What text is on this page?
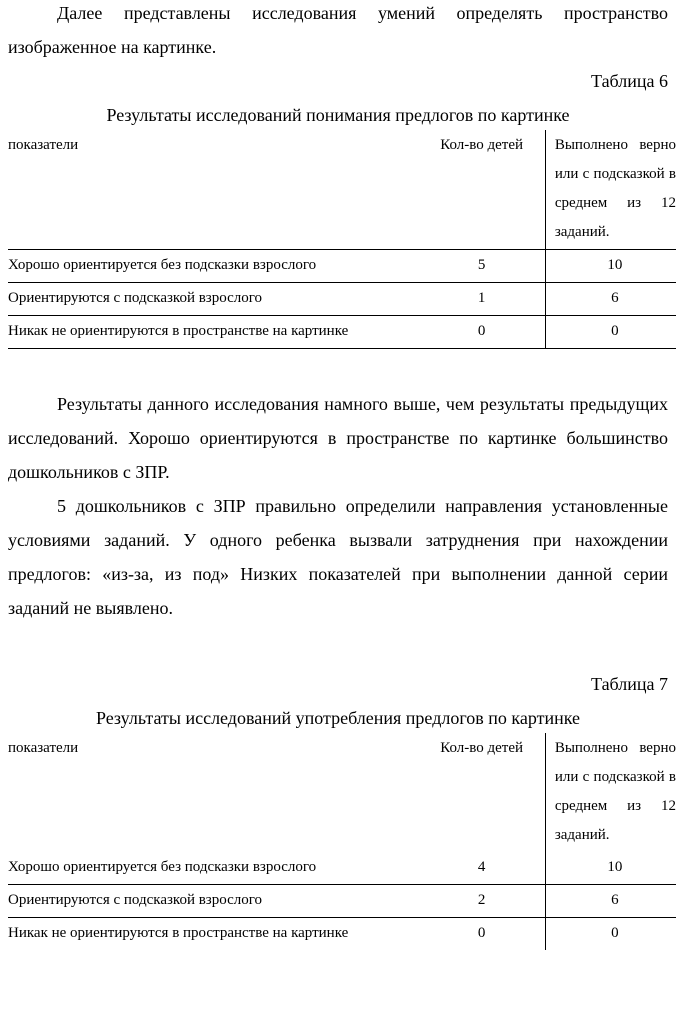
Далее представлены исследования умений определять пространство изображенное на картинке.

Таблица 6
Результаты исследований понимания предлогов по картинке
показатели	Кол-во детей	Выполнено верно или с подсказкой в среднем из 12 заданий.
Хорошо ориентируется без подсказки взрослого	5	10
Ориентируются с подсказкой взрослого	1	6
Никак не ориентируются в пространстве на картинке	0	0

Результаты данного исследования намного выше, чем результаты предыдущих исследований. Хорошо ориентируются в пространстве по картинке большинство дошкольников с ЗПР.

5 дошкольников с ЗПР правильно определили направления установленные условиями заданий. У одного ребенка вызвали затруднения при нахождении предлогов: «из-за, из под» Низких показателей при выполнении данной серии заданий не выявлено.

Таблица 7
Результаты исследований употребления предлогов по картинке
показатели	Кол-во детей	Выполнено верно или с подсказкой в среднем из 12 заданий.
Хорошо ориентируется без подсказки взрослого	4	10
Ориентируются с подсказкой взрослого	2	6
Никак не ориентируются в пространстве на картинке	0	0
